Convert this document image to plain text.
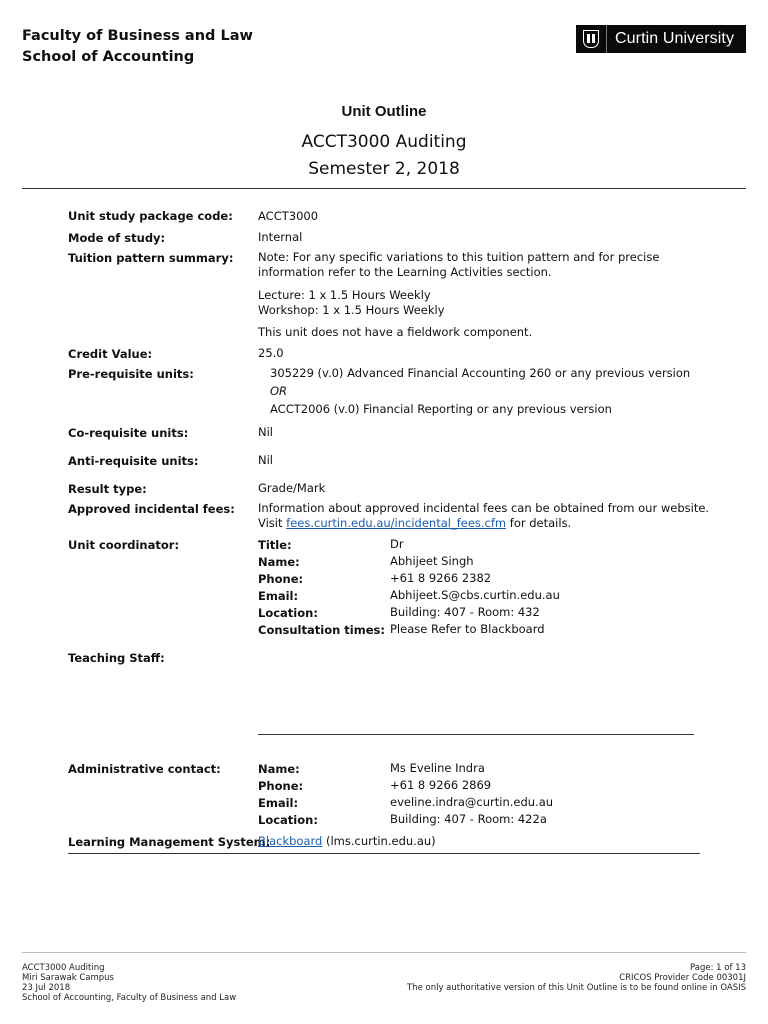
Faculty of Business and Law
School of Accounting
Curtin University
Unit Outline
ACCT3000 Auditing
Semester 2, 2018
Unit study package code: ACCT3000
Mode of study:	Internal
Tuition pattern summary: Note: For any specific variations to this tuition pattern and for precise
information refer to the Learning Activities section.
Lecture: 1 x 1.5 Hours Weekly
Workshop: 1 x 1.5 Hours Weekly
This unit does not have a fieldwork component.
Credit Value:	25.0
Pre-requisite units:	305229 (v.0) Advanced Financial Accounting 260 or any previous version
OR
ACCT2006 (v.0) Financial Reporting or any previous version
Co-requisite units:	Nil
Anti-requisite units:	Nil
Result type:	Grade/Mark
Approved incidental fees: Information about approved incidental fees can be obtained from our website.
Visit fees.curtin.edu.au/incidental_fees.cfm for details.
Unit coordinator:	Title:	Dr
Name:	Abhijeet Singh
Phone:	+61 8 9266 2382
Email:	Abhijeet.S@cbs.curtin.edu.au
Location:	Building: 407 - Room: 432
Consultation times: Please Refer to Blackboard
Teaching Staff:
Administrative contact:	Name:	Ms Eveline Indra
Phone:	+61 8 9266 2869
Email:	eveline.indra@curtin.edu.au
Location:	Building: 407 - Room: 422a
Learning Management System:
Blackboard (lms.curtin.edu.au)
ACCT3000 Auditing
Miri Sarawak Campus
23 Jul 2018
School of Accounting, Faculty of Business and Law
Page: 1 of 13
CRICOS Provider Code 00301J
The only authoritative version of this Unit Outline is to be found online in OASIS
